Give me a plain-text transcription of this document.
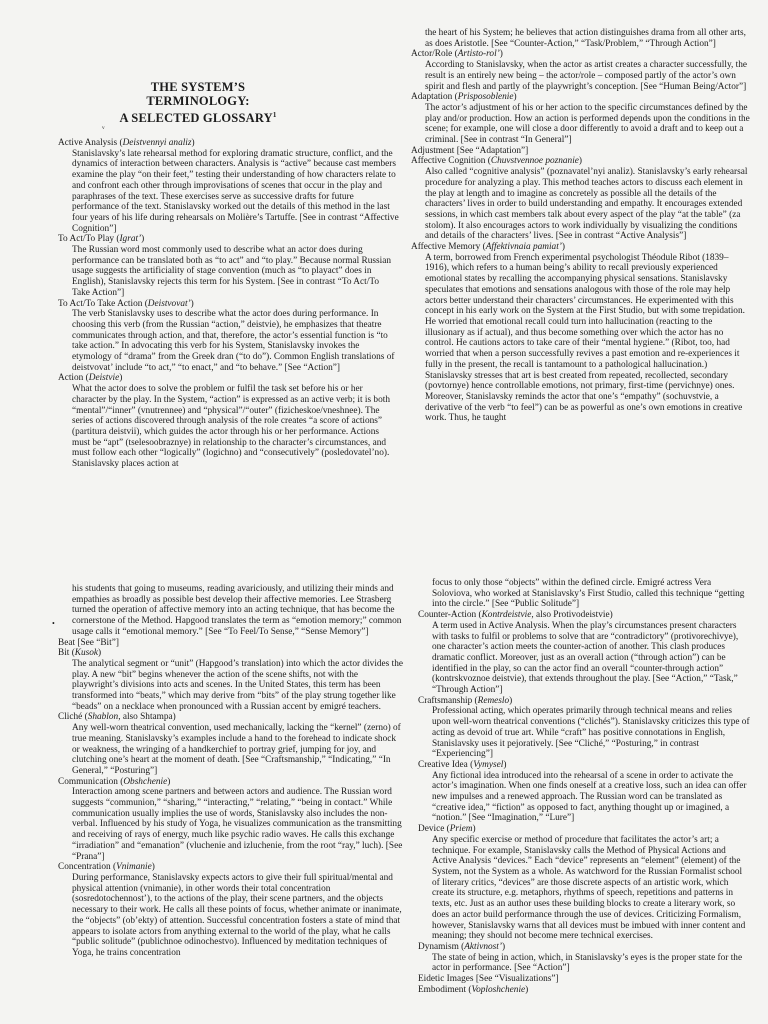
THE SYSTEM’S TERMINOLOGY:
A SELECTED GLOSSARY$^1$
ᵥ

Active Analysis (Deistvennyi analiz)

Stanislavsky’s late rehearsal method for exploring dramatic structure, conflict, and the dynamics of interaction between characters. Analysis is “active” because cast members examine the play “on their feet,” testing their understanding of how characters relate to and confront each other through improvisations of scenes that occur in the play and paraphrases of the text. These exercises serve as successive drafts for future performance of the text. Stanislavsky worked out the details of this method in the last four years of his life during rehearsals on Molière’s Tartuffe. [See in contrast “Affective Cognition”]

To Act/To Play (Igrat’)

The Russian word most commonly used to describe what an actor does during performance can be translated both as “to act” and “to play.” Because normal Russian usage suggests the artificiality of stage convention (much as “to playact” does in English), Stanislavsky rejects this term for his System. [See in contrast “To Act/To Take Action”]

To Act/To Take Action (Deistvovat’)

The verb Stanislavsky uses to describe what the actor does during performance. In choosing this verb (from the Russian “action,” deistvie), he emphasizes that theatre communicates through action, and that, therefore, the actor’s essential function is “to take action.” In advocating this verb for his System, Stanislavsky invokes the etymology of “drama” from the Greek dran (“to do”). Common English translations of deistvovat’ include “to act,” “to enact,” and “to behave.” [See “Action”]

Action (Deistvie)

What the actor does to solve the problem or fulfil the task set before his or her character by the play. In the System, “action” is expressed as an active verb; it is both “mental”/“inner” (vnutrennee) and “physical”/“outer” (fizicheskoe/vneshnee). The series of actions discovered through analysis of the role creates “a score of actions” (partitura deistvii), which guides the actor through his or her performance. Actions must be “apt” (tselesoobraznye) in relationship to the character’s circumstances, and must follow each other “logically” (logichno) and “consecutively” (posledovatel’no). Stanislavsky places action at

the heart of his System; he believes that action distinguishes drama from all other arts, as does Aristotle. [See “Counter-Action,” “Task/Problem,” “Through Action”]

Actor/Role (Artisto-rol’)

According to Stanislavsky, when the actor as artist creates a character successfully, the result is an entirely new being – the actor/role – composed partly of the actor’s own spirit and flesh and partly of the playwright’s conception. [See “Human Being/Actor”]

Adaptation (Prisposoblenie)

The actor’s adjustment of his or her action to the specific circumstances defined by the play and/or production. How an action is performed depends upon the conditions in the scene; for example, one will close a door differently to avoid a draft and to keep out a criminal. [See in contrast “In General”]

Adjustment [See “Adaptation”]

Affective Cognition (Chuvstvennoe poznanie)

Also called “cognitive analysis” (poznavatel’nyi analiz). Stanislavsky’s early rehearsal procedure for analyzing a play. This method teaches actors to discuss each element in the play at length and to imagine as concretely as possible all the details of the characters’ lives in order to build understanding and empathy. It encourages extended sessions, in which cast members talk about every aspect of the play “at the table” (za stolom). It also encourages actors to work individually by visualizing the conditions and details of the characters’ lives. [See in contrast “Active Analysis”]

Affective Memory (Affektivnaia pamiat’)

A term, borrowed from French experimental psychologist Théodule Ribot (1839–1916), which refers to a human being’s ability to recall previously experienced emotional states by recalling the accompanying physical sensations. Stanislavsky speculates that emotions and sensations analogous with those of the role may help actors better understand their characters’ circumstances. He experimented with this concept in his early work on the System at the First Studio, but with some trepidation. He worried that emotional recall could turn into hallucination (reacting to the illusionary as if actual), and thus become something over which the actor has no control. He cautions actors to take care of their “mental hygiene.” (Ribot, too, had worried that when a person successfully revives a past emotion and re-experiences it fully in the present, the recall is tantamount to a pathological hallucination.) Stanislavsky stresses that art is best created from repeated, recollected, secondary (povtornye) hence controllable emotions, not primary, first-time (pervichnye) ones. Moreover, Stanislavsky reminds the actor that one’s “empathy” (sochuvstvie, a derivative of the verb “to feel”) can be as powerful as one’s own emotions in creative work. Thus, he taught

his students that going to museums, reading avariciously, and utilizing their minds and empathies as broadly as possible best develop their affective memories. Lee Strasberg turned the operation of affective memory into an acting technique, that has become the cornerstone of the Method. Hapgood translates the term as “emotion memory;” common usage calls it “emotional memory.” [See “To Feel/To Sense,” “Sense Memory”]

Beat [See “Bit”]

Bit (Kusok)

The analytical segment or “unit” (Hapgood’s translation) into which the actor divides the play. A new “bit” begins whenever the action of the scene shifts, not with the playwright’s divisions into acts and scenes. In the United States, this term has been transformed into “beats,” which may derive from “bits” of the play strung together like “beads” on a necklace when pronounced with a Russian accent by emigré teachers.

Cliché (Shablon, also Shtampa)

Any well-worn theatrical convention, used mechanically, lacking the “kernel” (zerno) of true meaning. Stanislavsky’s examples include a hand to the forehead to indicate shock or weakness, the wringing of a handkerchief to portray grief, jumping for joy, and clutching one’s heart at the moment of death. [See “Craftsmanship,” “Indicating,” “In General,” “Posturing”]

Communication (Obshchenie)

Interaction among scene partners and between actors and audience. The Russian word suggests “communion,” “sharing,” “interacting,” “relating,” “being in contact.” While communication usually implies the use of words, Stanislavsky also includes the non-verbal. Influenced by his study of Yoga, he visualizes communication as the transmitting and receiving of rays of energy, much like psychic radio waves. He calls this exchange “irradiation” and “emanation” (vluchenie and izluchenie, from the root “ray,” luch). [See “Prana”]

Concentration (Vnimanie)

During performance, Stanislavsky expects actors to give their full spiritual/mental and physical attention (vnimanie), in other words their total concentration (sosredotochennost’), to the actions of the play, their scene partners, and the objects necessary to their work. He calls all these points of focus, whether animate or inanimate, the “objects” (ob’ekty) of attention. Successful concentration fosters a state of mind that appears to isolate actors from anything external to the world of the play, what he calls “public solitude” (publichnoe odinochestvo). Influenced by meditation techniques of Yoga, he trains concentration

focus to only those “objects” within the defined circle. Emigré actress Vera Soloviova, who worked at Stanislavsky’s First Studio, called this technique “getting into the circle.” [See “Public Solitude”]

Counter-Action (Kontrdeistvie, also Protivodeistvie)

A term used in Active Analysis. When the play’s circumstances present characters with tasks to fulfil or problems to solve that are “contradictory” (protivorechivye), one character’s action meets the counter-action of another. This clash produces dramatic conflict. Moreover, just as an overall action (“through action”) can be identified in the play, so can the actor find an overall “counter-through action” (kontrskvoznoe deistvie), that extends throughout the play. [See “Action,” “Task,” “Through Action”]

Craftsmanship (Remeslo)

Professional acting, which operates primarily through technical means and relies upon well-worn theatrical conventions (“clichés”). Stanislavsky criticizes this type of acting as devoid of true art. While “craft” has positive connotations in English, Stanislavsky uses it pejoratively. [See “Cliché,” “Posturing,” in contrast “Experiencing”]

Creative Idea (Vymysel)

Any fictional idea introduced into the rehearsal of a scene in order to activate the actor’s imagination. When one finds oneself at a creative loss, such an idea can offer new impulses and a renewed approach. The Russian word can be translated as “creative idea,” “fiction” as opposed to fact, anything thought up or imagined, a “notion.” [See “Imagination,” “Lure”]

Device (Priem)

Any specific exercise or method of procedure that facilitates the actor’s art; a technique. For example, Stanislavsky calls the Method of Physical Actions and Active Analysis “devices.” Each “device” represents an “element” (element) of the System, not the System as a whole. As watchword for the Russian Formalist school of literary critics, “devices” are those discrete aspects of an artistic work, which create its structure, e.g. metaphors, rhythms of speech, repetitions and patterns in texts, etc. Just as an author uses these building blocks to create a literary work, so does an actor build performance through the use of devices. Criticizing Formalism, however, Stanislavsky warns that all devices must be imbued with inner content and meaning; they should not become mere technical exercises.

Dynamism (Aktivnost’)

The state of being in action, which, in Stanislavsky’s eyes is the proper state for the actor in performance. [See “Action”]

Eidetic Images [See “Visualizations”]

Embodiment (Voploshchenie)

•
